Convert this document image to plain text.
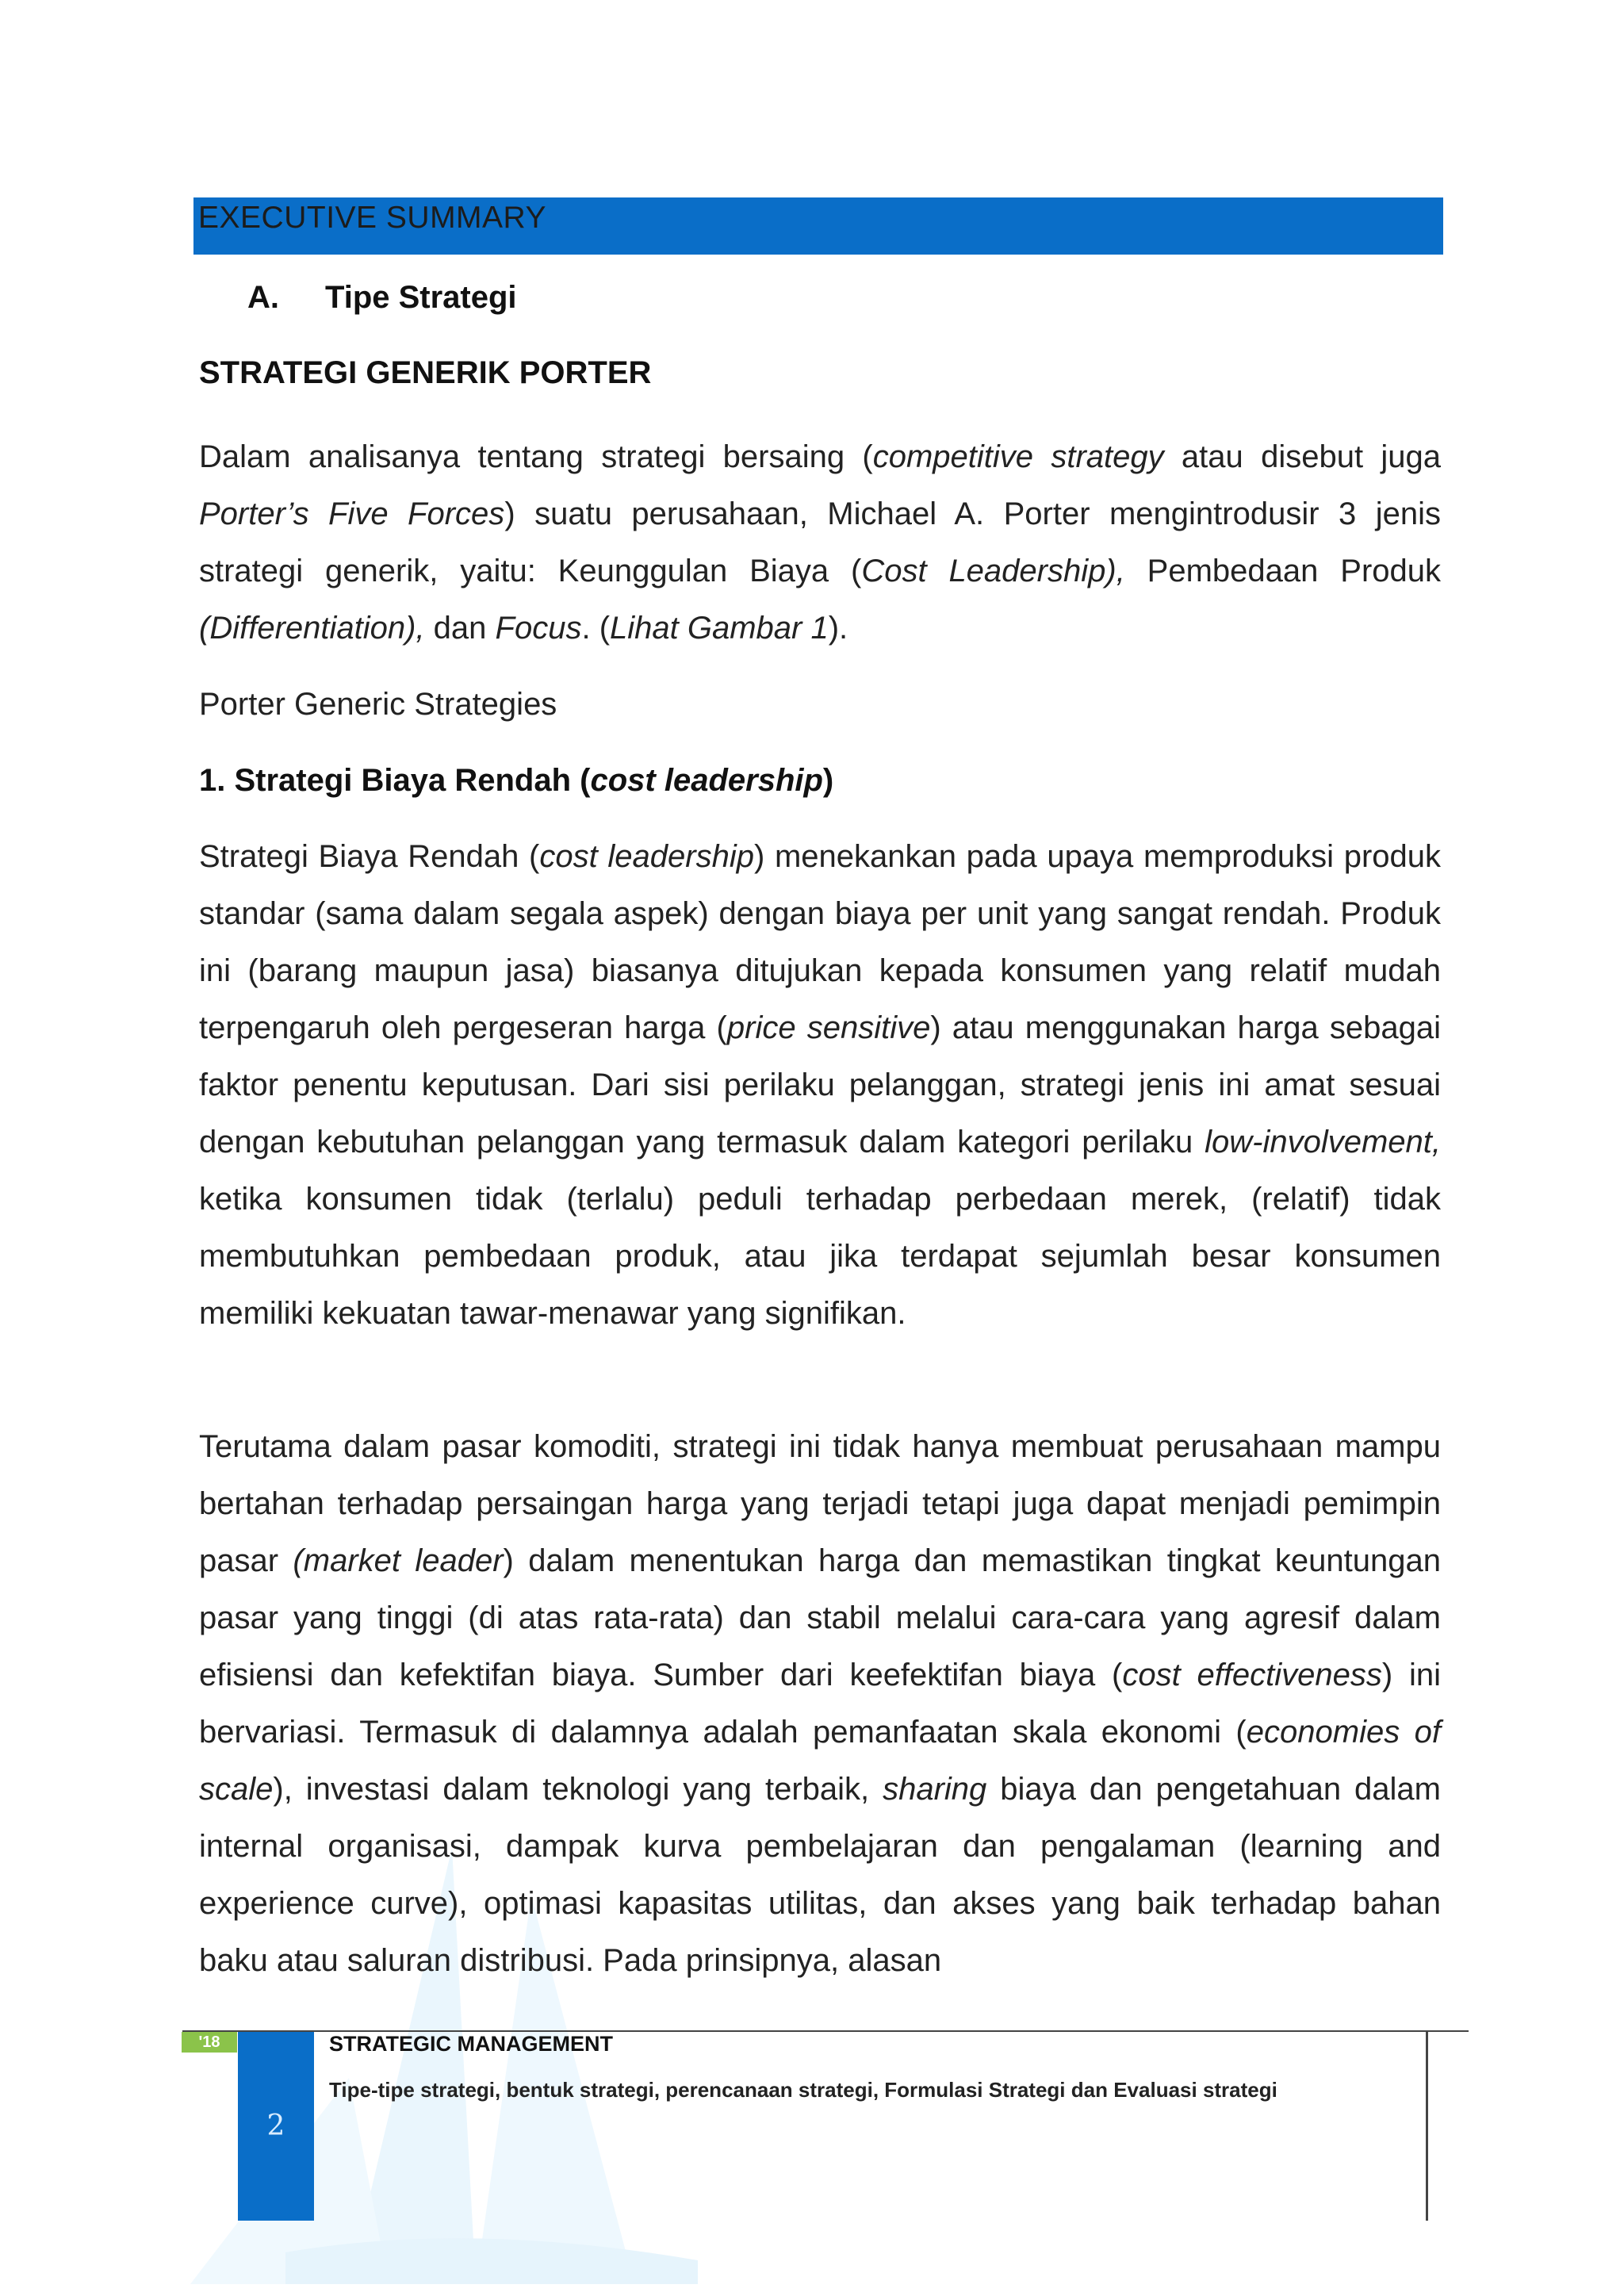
EXECUTIVE SUMMARY
A. Tipe Strategi
STRATEGI GENERIK PORTER

Dalam analisanya tentang strategi bersaing (competitive strategy atau disebut juga Porter’s Five Forces) suatu perusahaan, Michael A. Porter mengintrodusir 3 jenis strategi generik, yaitu: Keunggulan Biaya (Cost Leadership), Pembedaan Produk (Differentiation), dan Focus. (Lihat Gambar 1).

Porter Generic Strategies
1. Strategi Biaya Rendah (cost leadership)

Strategi Biaya Rendah (cost leadership) menekankan pada upaya memproduksi produk standar (sama dalam segala aspek) dengan biaya per unit yang sangat rendah. Produk ini (barang maupun jasa) biasanya ditujukan kepada konsumen yang relatif mudah terpengaruh oleh pergeseran harga (price sensitive) atau menggunakan harga sebagai faktor penentu keputusan. Dari sisi perilaku pelanggan, strategi jenis ini amat sesuai dengan kebutuhan pelanggan yang termasuk dalam kategori perilaku low-involvement, ketika konsumen tidak (terlalu) peduli terhadap perbedaan merek, (relatif) tidak membutuhkan pembedaan produk, atau jika terdapat sejumlah besar konsumen memiliki kekuatan tawar-menawar yang signifikan.

Terutama dalam pasar komoditi, strategi ini tidak hanya membuat perusahaan mampu bertahan terhadap persaingan harga yang terjadi tetapi juga dapat menjadi pemimpin pasar (market leader) dalam menentukan harga dan memastikan tingkat keuntungan pasar yang tinggi (di atas rata-rata) dan stabil melalui cara-cara yang agresif dalam efisiensi dan kefektifan biaya. Sumber dari keefektifan biaya (cost effectiveness) ini bervariasi. Termasuk di dalamnya adalah pemanfaatan skala ekonomi (economies of scale), investasi dalam teknologi yang terbaik, sharing biaya dan pengetahuan dalam internal organisasi, dampak kurva pembelajaran dan pengalaman (learning and experience curve), optimasi kapasitas utilitas, dan akses yang baik terhadap bahan baku atau saluran distribusi. Pada prinsipnya, alasan

'18
2
STRATEGIC MANAGEMENT
Tipe-tipe strategi, bentuk strategi, perencanaan strategi, Formulasi Strategi dan Evaluasi strategi
